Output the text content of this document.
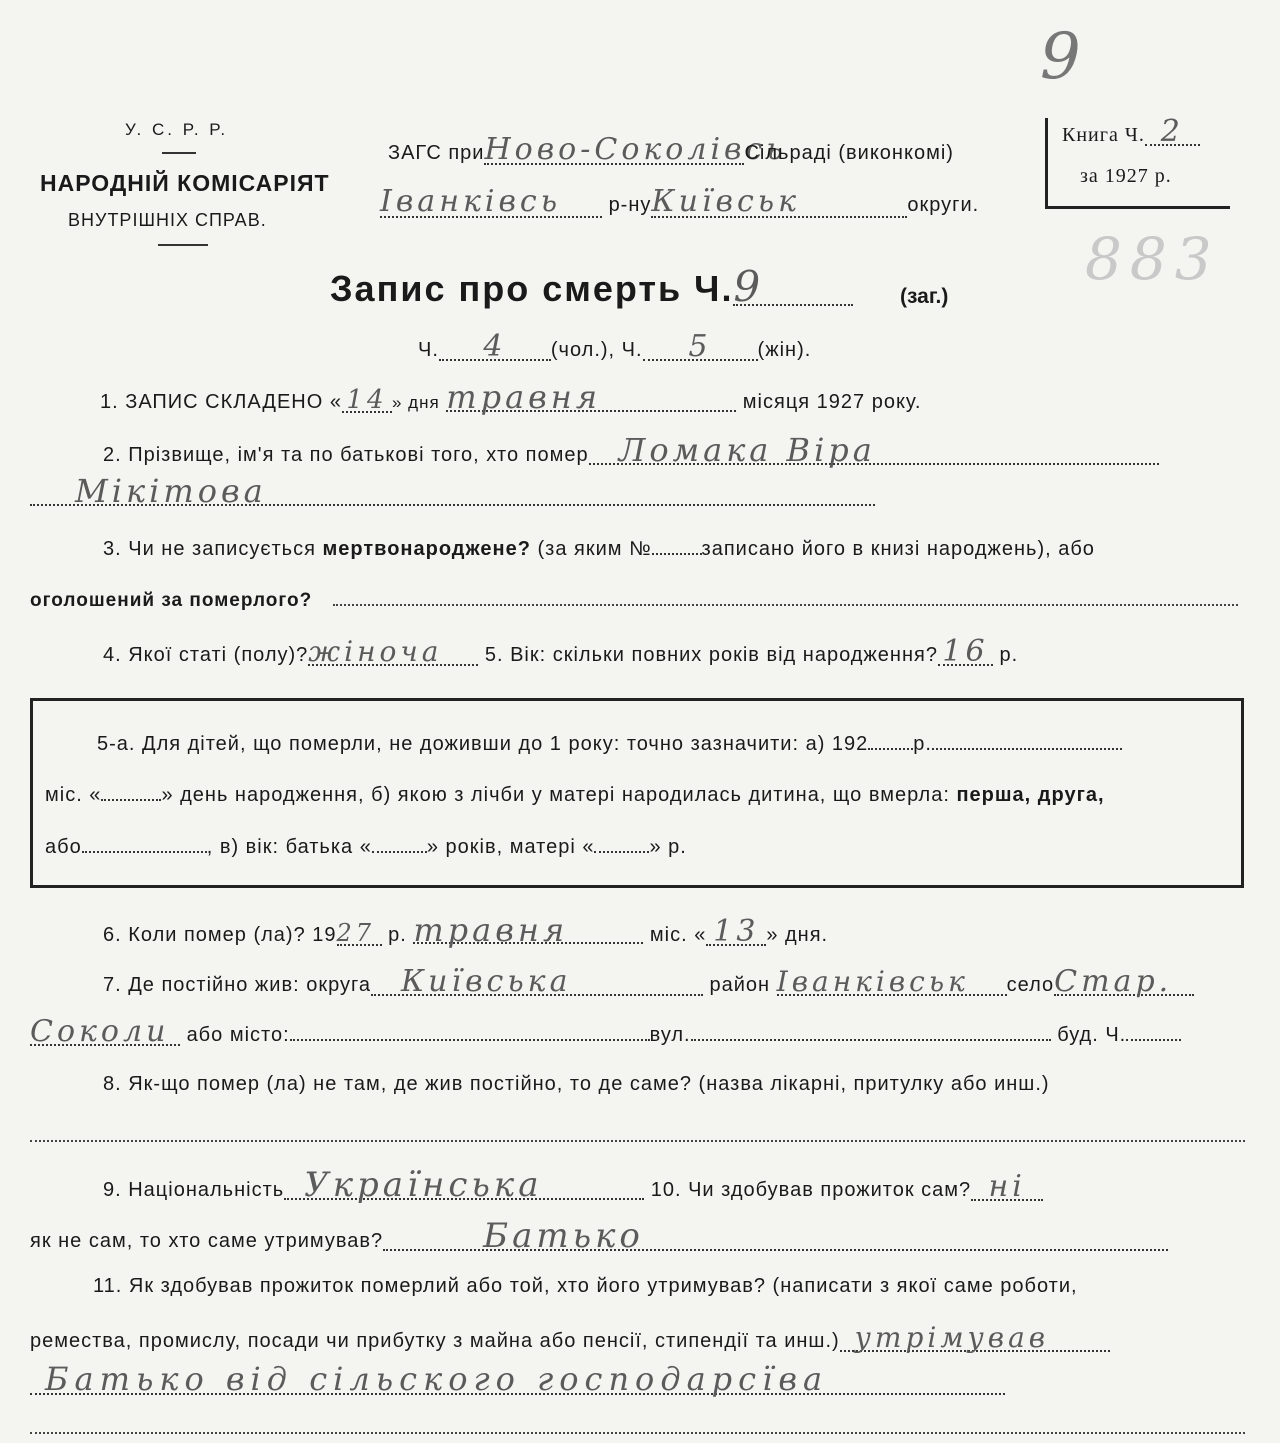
9
883
У. С. Р. Р.
НАРОДНІЙ КОМІСАРІЯТ
ВНУТРІШНІХ СПРАВ.
ЗАГС приНово-СоколівсьСільраді (виконкомі)
Іванківсь р-нуКиївськ	округи.
Книга Ч. 2
за 1927 р.
Запис про смерть Ч.9	(заг.)
Ч. 4 (чол.), Ч. 5 (жін).
1. ЗАПИС СКЛАДЕНО « 14 » дня травня	місяця 1927 року.
2. Прізвище, ім'я та по батькові того, хто помер Ломака Віра
Мікітова
3. Чи не записується мертвонароджене? (за яким №	записано його в книзі народжень), або
оголошений за померлого?
4. Якої статі (полу)?жіноча 5. Вік: скільки повних років від народження? 16 р.
5-а. Для дітей, що померли, не доживши до 1 року: точно зазначити: а) 192 р.
міс. «	» день народження, б) якою з лічби у матері народилась дитина, що вмерла: перша, друга,
або	, в) вік: батька «	» років, матері «	» р.
6. Коли помер (ла)? 1927 р. травня	міс. « 13 » дня.
7. Де постійно жив: округа Київська	район Іванківськ селоСтар.
Соколи або місто:	вул.	буд. Ч.
8. Як-що помер (ла) не там, де жив постійно, то де саме? (назва лікарні, притулку або инш.)
9. Національність Українська	10. Чи здобував прожиток сам? ні
як не сам, то хто саме утримував?	Батько
11. Як здобував прожиток померлий або той, хто його утримував? (написати з якої саме роботи,
ремества, промислу, посади чи прибутку з майна або пенсії, стипендії та инш.) утрімував
Батько від сільского господарсїва
